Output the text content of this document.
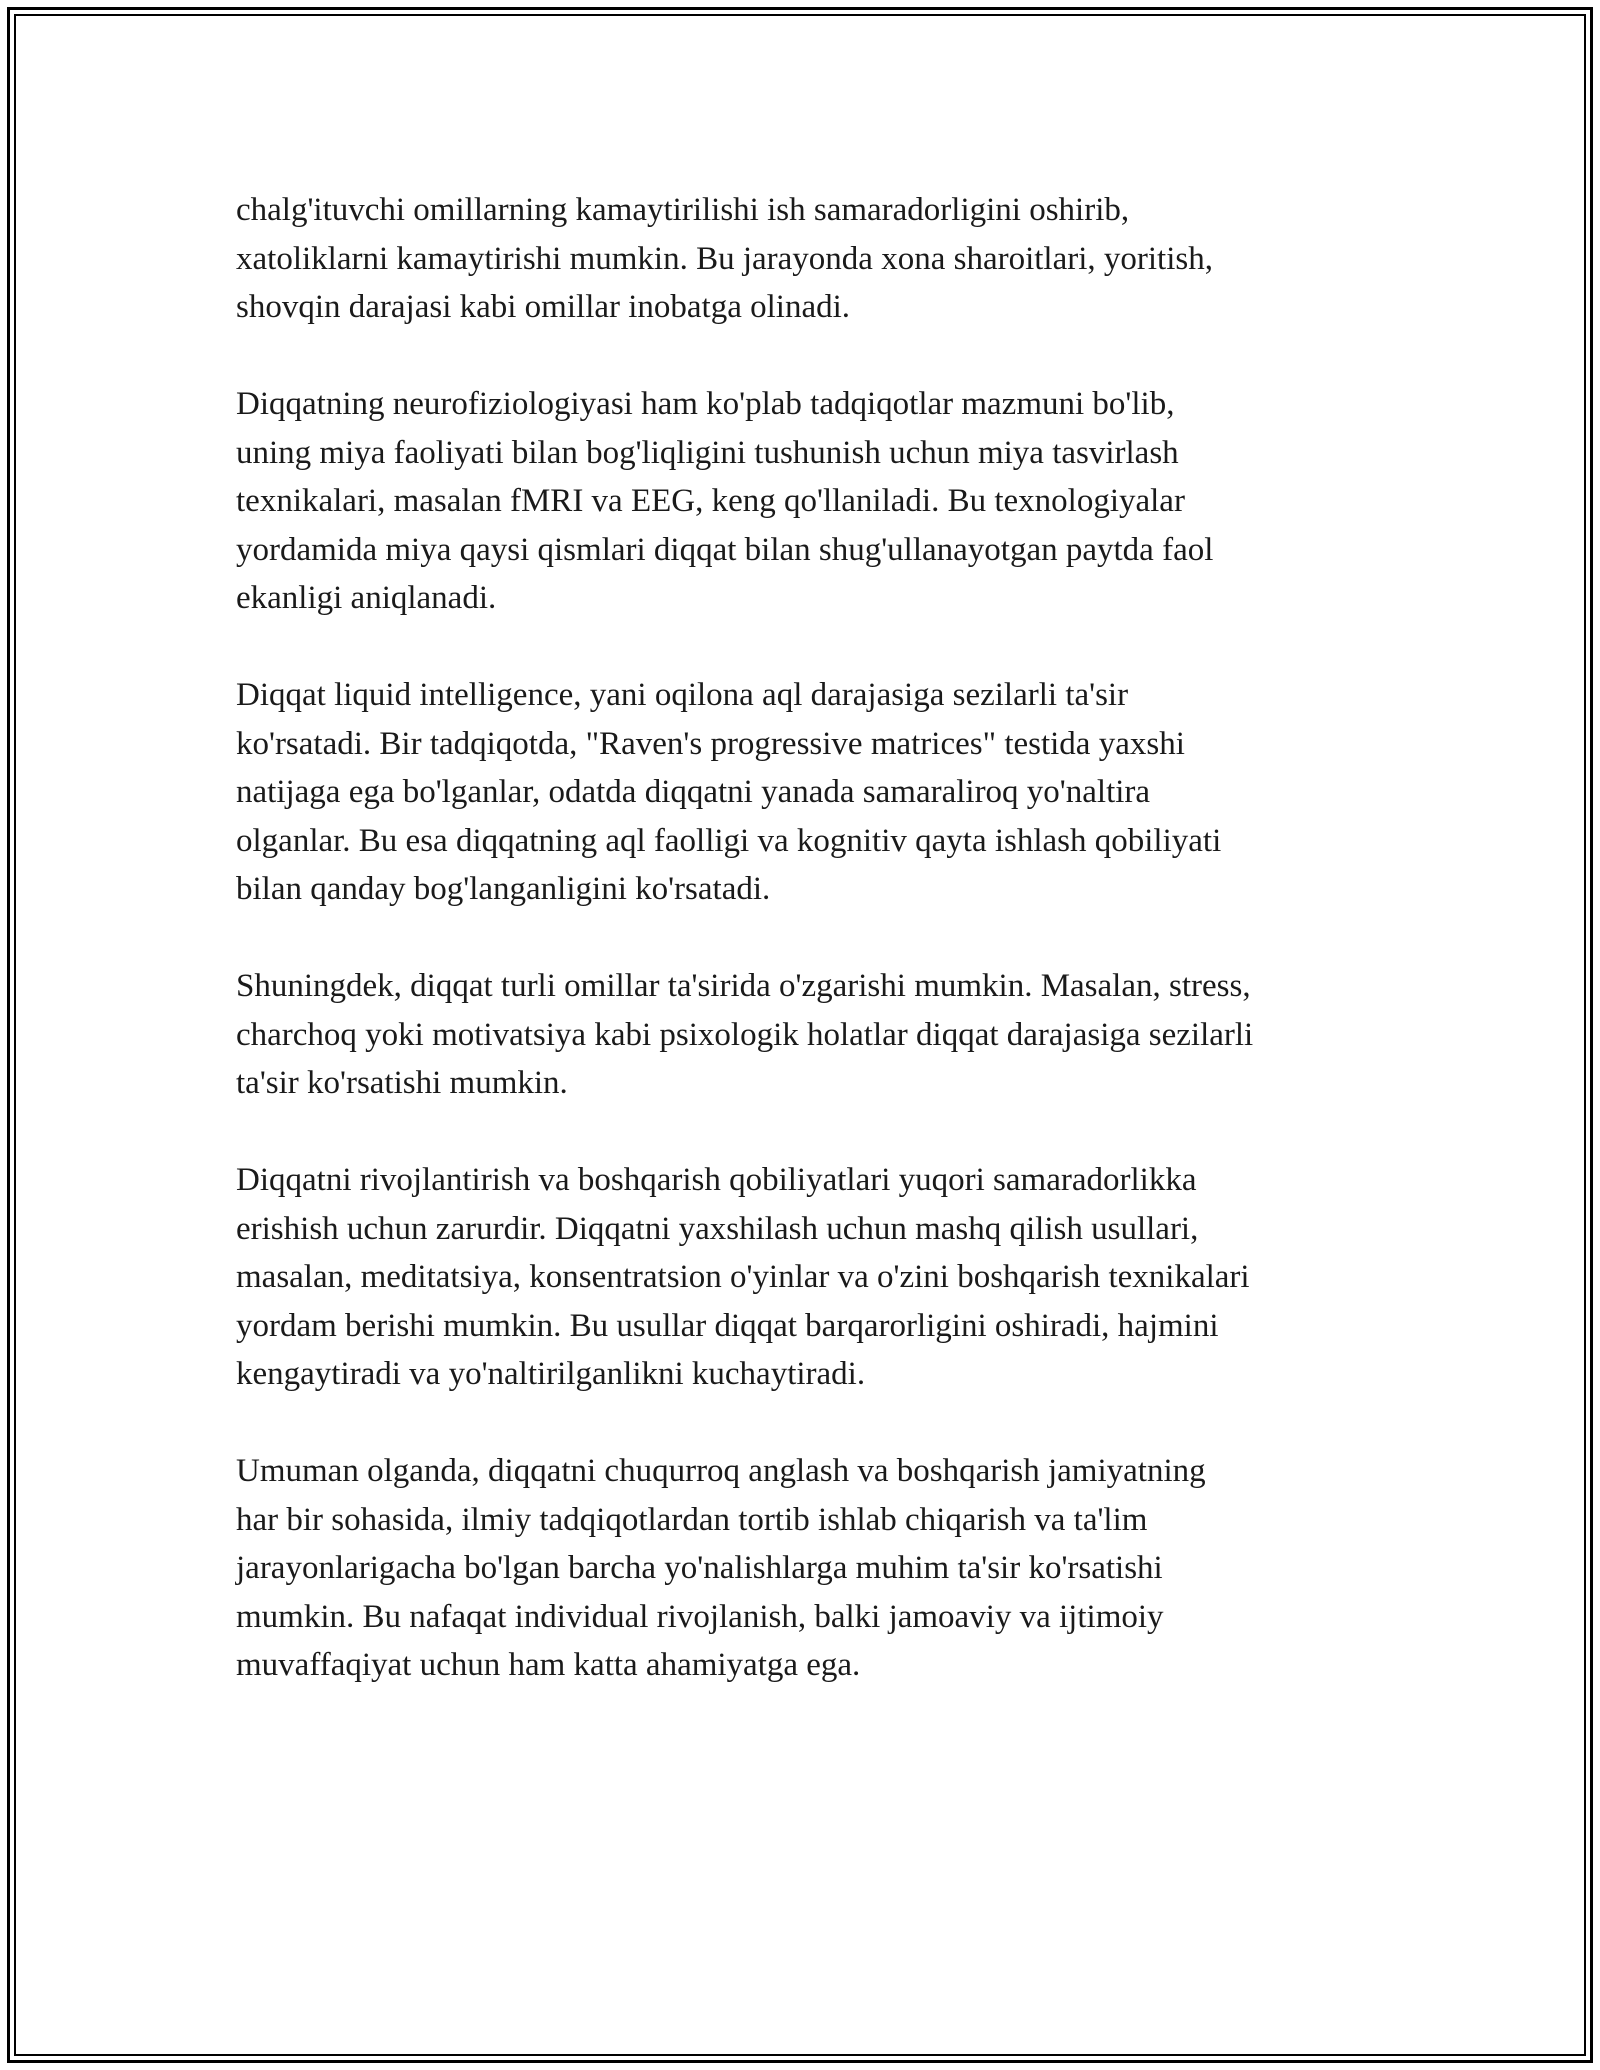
chalg'ituvchi omillarning kamaytirilishi ish samaradorligini oshirib,
xatoliklarni kamaytirishi mumkin. Bu jarayonda xona sharoitlari, yoritish,
shovqin darajasi kabi omillar inobatga olinadi.
Diqqatning neurofiziologiyasi ham ko'plab tadqiqotlar mazmuni bo'lib,
uning miya faoliyati bilan bog'liqligini tushunish uchun miya tasvirlash
texnikalari, masalan fMRI va EEG, keng qo'llaniladi. Bu texnologiyalar
yordamida miya qaysi qismlari diqqat bilan shug'ullanayotgan paytda faol
ekanligi aniqlanadi.
Diqqat liquid intelligence, yani oqilona aql darajasiga sezilarli ta'sir
ko'rsatadi. Bir tadqiqotda, "Raven's progressive matrices" testida yaxshi
natijaga ega bo'lganlar, odatda diqqatni yanada samaraliroq yo'naltira
olganlar. Bu esa diqqatning aql faolligi va kognitiv qayta ishlash qobiliyati
bilan qanday bog'langanligini ko'rsatadi.
Shuningdek, diqqat turli omillar ta'sirida o'zgarishi mumkin. Masalan, stress,
charchoq yoki motivatsiya kabi psixologik holatlar diqqat darajasiga sezilarli
ta'sir ko'rsatishi mumkin.
Diqqatni rivojlantirish va boshqarish qobiliyatlari yuqori samaradorlikka
erishish uchun zarurdir. Diqqatni yaxshilash uchun mashq qilish usullari,
masalan, meditatsiya, konsentratsion o'yinlar va o'zini boshqarish texnikalari
yordam berishi mumkin. Bu usullar diqqat barqarorligini oshiradi, hajmini
kengaytiradi va yo'naltirilganlikni kuchaytiradi.
Umuman olganda, diqqatni chuqurroq anglash va boshqarish jamiyatning
har bir sohasida, ilmiy tadqiqotlardan tortib ishlab chiqarish va ta'lim
jarayonlarigacha bo'lgan barcha yo'nalishlarga muhim ta'sir ko'rsatishi
mumkin. Bu nafaqat individual rivojlanish, balki jamoaviy va ijtimoiy
muvaffaqiyat uchun ham katta ahamiyatga ega.
